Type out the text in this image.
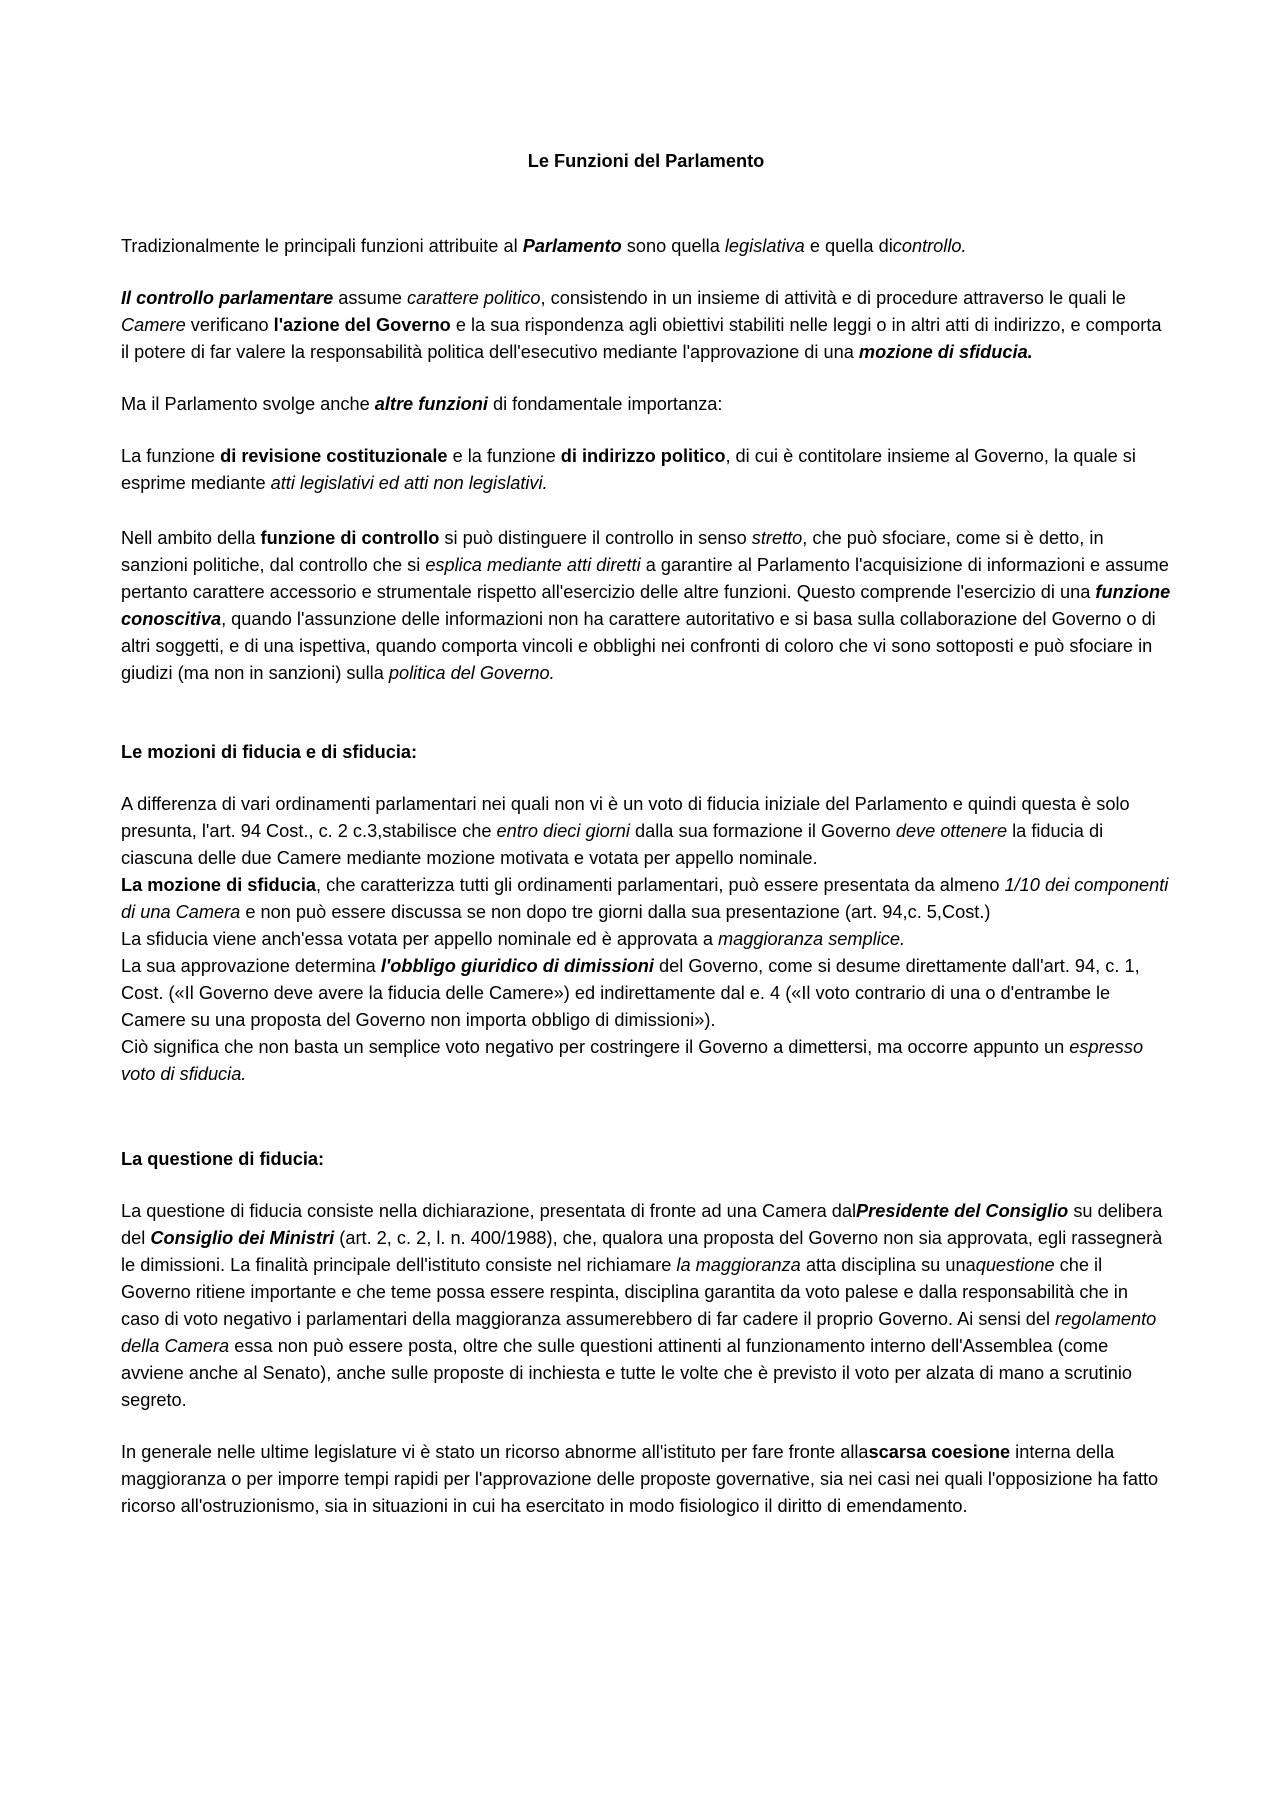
Le Funzioni del Parlamento
Tradizionalmente le principali funzioni attribuite al Parlamento sono quella legislativa e quella dicontrollo.
Il controllo parlamentare assume carattere politico, consistendo in un insieme di attività e di procedure attraverso le quali le Camere verificano l'azione del Governo e la sua rispondenza agli obiettivi stabiliti nelle leggi o in altri atti di indirizzo, e comporta il potere di far valere la responsabilità politica dell'esecutivo mediante l'approvazione di una mozione di sfiducia.
Ma il Parlamento svolge anche altre funzioni di fondamentale importanza:
La funzione di revisione costituzionale e la funzione di indirizzo politico, di cui è contitolare insieme al Governo, la quale si esprime mediante atti legislativi ed atti non legislativi.
Nell ambito della funzione di controllo si può distinguere il controllo in senso stretto, che può sfociare, come si è detto, in sanzioni politiche, dal controllo che si esplica mediante atti diretti a garantire al Parlamento l'acquisizione di informazioni e assume pertanto carattere accessorio e strumentale rispetto all'esercizio delle altre funzioni. Questo comprende l'esercizio di una funzione conoscitiva, quando l'assunzione delle informazioni non ha carattere autoritativo e si basa sulla collaborazione del Governo o di altri soggetti, e di una ispettiva, quando comporta vincoli e obblighi nei confronti di coloro che vi sono sottoposti e può sfociare in giudizi (ma non in sanzioni) sulla politica del Governo.
Le mozioni di fiducia e di sfiducia:

A differenza di vari ordinamenti parlamentari nei quali non vi è un voto di fiducia iniziale del Parlamento e quindi questa è solo presunta, l'art. 94 Cost., c. 2 c.3,stabilisce che entro dieci giorni dalla sua formazione il Governo deve ottenere la fiducia di ciascuna delle due Camere mediante mozione motivata e votata per appello nominale.

La mozione di sfiducia, che caratterizza tutti gli ordinamenti parlamentari, può essere presentata da almeno 1/10 dei componenti di una Camera e non può essere discussa se non dopo tre giorni dalla sua presentazione (art. 94,c. 5,Cost.)

La sfiducia viene anch'essa votata per appello nominale ed è approvata a maggioranza semplice.

La sua approvazione determina l'obbligo giuridico di dimissioni del Governo, come si desume direttamente dall'art. 94, c. 1, Cost. («Il Governo deve avere la fiducia delle Camere») ed indirettamente dal e. 4 («Il voto contrario di una o d'entrambe le Camere su una proposta del Governo non importa obbligo di dimissioni»).

Ciò significa che non basta un semplice voto negativo per costringere il Governo a dimettersi, ma occorre appunto un espresso voto di sfiducia.

La questione di fiducia:
La questione di fiducia consiste nella dichiarazione, presentata di fronte ad una Camera dalPresidente del Consiglio su delibera del Consiglio dei Ministri (art. 2, c. 2, l. n. 400/1988), che, qualora una proposta del Governo non sia approvata, egli rassegnerà le dimissioni. La finalità principale dell'istituto consiste nel richiamare la maggioranza atta disciplina su unaquestione che il Governo ritiene importante e che teme possa essere respinta, disciplina garantita da voto palese e dalla responsabilità che in caso di voto negativo i parlamentari della maggioranza assumerebbero di far cadere il proprio Governo. Ai sensi del regolamento della Camera essa non può essere posta, oltre che sulle questioni attinenti al funzionamento interno dell'Assemblea (come avviene anche al Senato), anche sulle proposte di inchiesta e tutte le volte che è previsto il voto per alzata di mano a scrutinio segreto.
In generale nelle ultime legislature vi è stato un ricorso abnorme all'istituto per fare fronte allascarsa coesione interna della maggioranza o per imporre tempi rapidi per l'approvazione delle proposte governative, sia nei casi nei quali l'opposizione ha fatto ricorso all'ostruzionismo, sia in situazioni in cui ha esercitato in modo fisiologico il diritto di emendamento.
